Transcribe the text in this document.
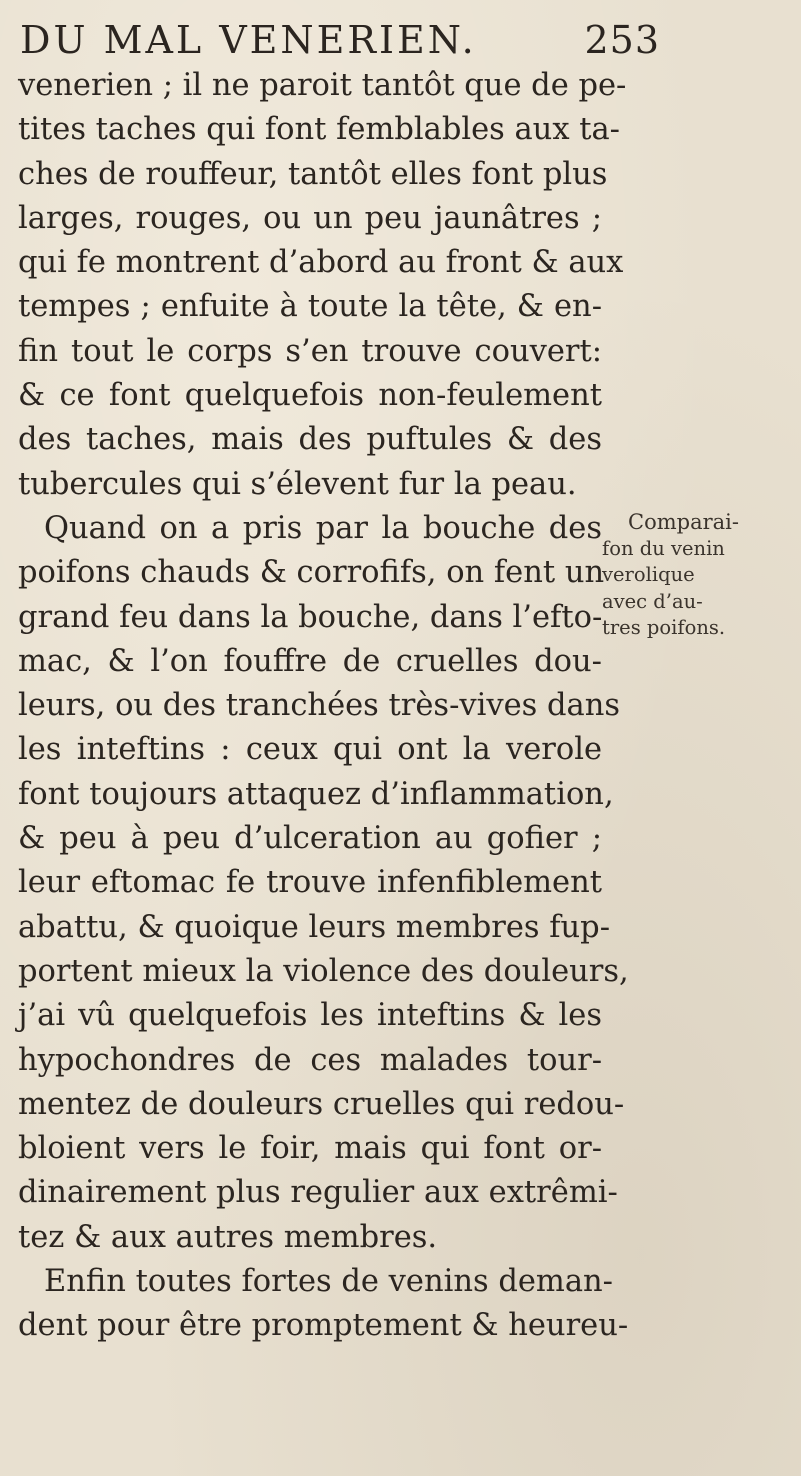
DU MAL VENERIEN.	253
venerien ; il ne paroit tantôt que de pe-
tites taches qui font femblables aux ta-
ches de rouffeur, tantôt elles font plus
larges, rouges, ou un peu jaunâtres ;
qui fe montrent d’abord au front & aux
tempes ; enfuite à toute la tête, & en-
fin tout le corps s’en trouve couvert:
& ce font quelquefois non-feulement
des taches, mais des puftules & des
tubercules qui s’élevent fur la peau.
Quand on a pris par la bouche des
poifons chauds & corrofifs, on fent un
grand feu dans la bouche, dans l’efto-
mac, & l’on fouffre de cruelles dou-
leurs, ou des tranchées très-vives dans
les inteftins : ceux qui ont la verole
font toujours attaquez d’inflammation,
& peu à peu d’ulceration au gofier ;
leur eftomac fe trouve infenfiblement
abattu, & quoique leurs membres fup-
portent mieux la violence des douleurs,
j’ai vû quelquefois les inteftins & les
hypochondres de ces malades tour-
mentez de douleurs cruelles qui redou-
bloient vers le foir, mais qui font or-
dinairement plus regulier aux extrêmi-
tez & aux autres membres.
Enfin toutes fortes de venins deman-
dent pour être promptement & heureu-
Comparai-
fon du venin
verolique
avec d’au-
tres poifons.
